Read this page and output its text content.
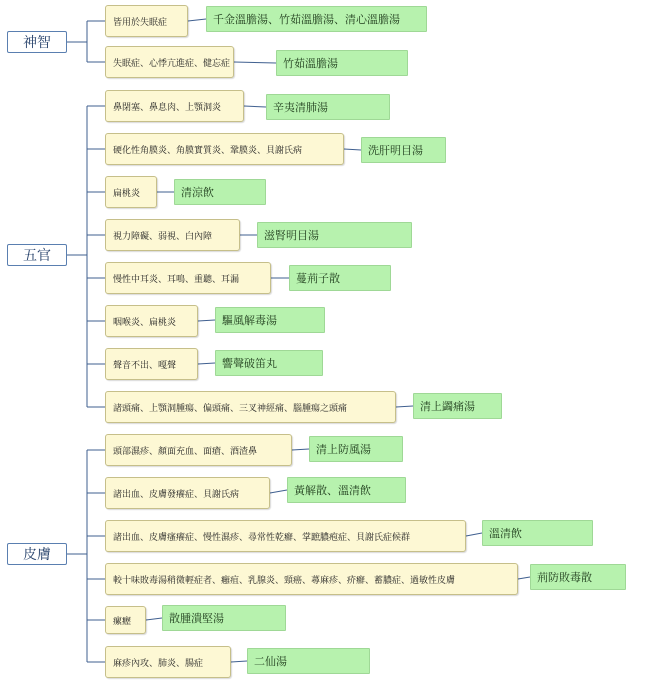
神智
皆用於失眠症	千金溫膽湯、竹茹溫膽湯、清心溫膽湯
失眠症、心悸亢進症、健忘症	竹茹溫膽湯
五官
鼻閉塞、鼻息肉、上顎洞炎	辛夷清肺湯
硬化性角膜炎、角膜實質炎、鞏膜炎、貝謝氏病	洗肝明目湯
扁桃炎	清涼飲
視力障礙、弱視、白內障	滋腎明目湯
慢性中耳炎、耳鳴、重聽、耳漏	蔓荊子散
咽喉炎、扁桃炎	驅風解毒湯
聲音不出、嘎聲	響聲破笛丸
諸頭痛、上顎洞腫瘍、偏頭痛、三叉神經痛、腦腫瘍之頭痛	清上蠲痛湯
皮膚
頭部濕疹、顏面充血、面瘡、酒渣鼻	清上防風湯
諸出血、皮膚發癢症、貝謝氏病	黃解散、溫清飲
諸出血、皮膚瘙癢症、慢性濕疹、尋常性乾癬、掌蹠膿疱症、貝謝氏症候群	溫清飲
較十味敗毒湯稍微輕症者、癰疽、乳腺炎、頸癌、蕁麻疹、疥癬、蓄膿症、過敏性皮膚	荊防敗毒散
瘰癧	散腫潰堅湯
麻疹內攻、肺炎、腸症	二仙湯
